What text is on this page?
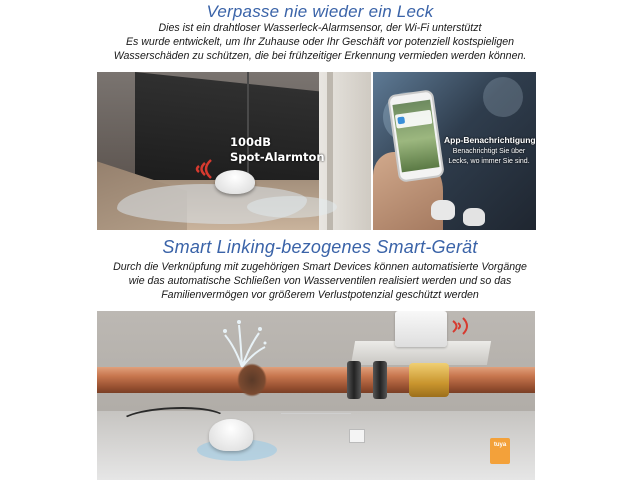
Verpasse nie wieder ein Leck
Dies ist ein drahtloser Wasserleck-Alarmsensor, der Wi-Fi unterstützt
Es wurde entwickelt, um Ihr Zuhause oder Ihr Geschäft vor potenziell kostspieligen
Wasserschäden zu schützen, die bei frühzeitiger Erkennung vermieden werden können.
100dB
Spot-Alarmton
App-Benachrichtigung
Benachrichtigt Sie über
Lecks, wo immer Sie sind.
Smart Linking-bezogenes Smart-Gerät
Durch die Verknüpfung mit zugehörigen Smart Devices können automatisierte Vorgänge
wie das automatische Schließen von Wasserventilen realisiert werden und so das
Familienvermögen vor größerem Verlustpotenzial geschützt werden
tuya
